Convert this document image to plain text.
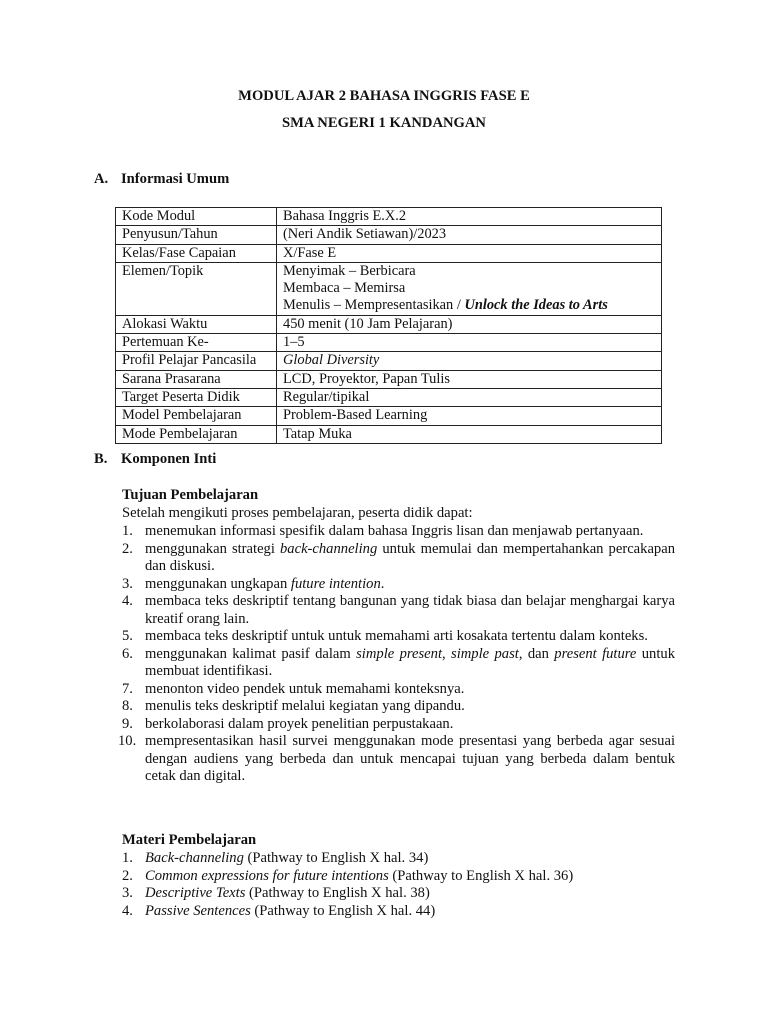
MODUL AJAR 2 BAHASA INGGRIS FASE E
SMA NEGERI 1 KANDANGAN
A. Informasi Umum
Kode Modul	Bahasa Inggris E.X.2

Penyusun/Tahun	(Neri Andik Setiawan)/2023

Kelas/Fase Capaian	X/Fase E

Elemen/Topik	Menyimak – Berbicara
Membaca – Memirsa
Menulis – Mempresentasikan / Unlock the Ideas to Arts

Alokasi Waktu	450 menit (10 Jam Pelajaran)

Pertemuan Ke-	1–5

Profil Pelajar Pancasila	Global Diversity

Sarana Prasarana	LCD, Proyektor, Papan Tulis

Target Peserta Didik	Regular/tipikal

Model Pembelajaran	Problem-Based Learning

Mode Pembelajaran	Tatap Muka
B. Komponen Inti
Tujuan Pembelajaran
Setelah mengikuti proses pembelajaran, peserta didik dapat:
1. menemukan informasi spesifik dalam bahasa Inggris lisan dan menjawab pertanyaan.
2. menggunakan strategi back-channeling untuk memulai dan mempertahankan percakapan dan diskusi.
3. menggunakan ungkapan future intention.
4. membaca teks deskriptif tentang bangunan yang tidak biasa dan belajar menghargai karya kreatif orang lain.
5. membaca teks deskriptif untuk untuk memahami arti kosakata tertentu dalam konteks.
6. menggunakan kalimat pasif dalam simple present, simple past, dan present future untuk membuat identifikasi.
7. menonton video pendek untuk memahami konteksnya.
8. menulis teks deskriptif melalui kegiatan yang dipandu.
9. berkolaborasi dalam proyek penelitian perpustakaan.
10. mempresentasikan hasil survei menggunakan mode presentasi yang berbeda agar sesuai dengan audiens yang berbeda dan untuk mencapai tujuan yang berbeda dalam bentuk cetak dan digital.
Materi Pembelajaran
1. Back-channeling (Pathway to English X hal. 34)
2. Common expressions for future intentions (Pathway to English X hal. 36)
3. Descriptive Texts (Pathway to English X hal. 38)
4. Passive Sentences (Pathway to English X hal. 44)
